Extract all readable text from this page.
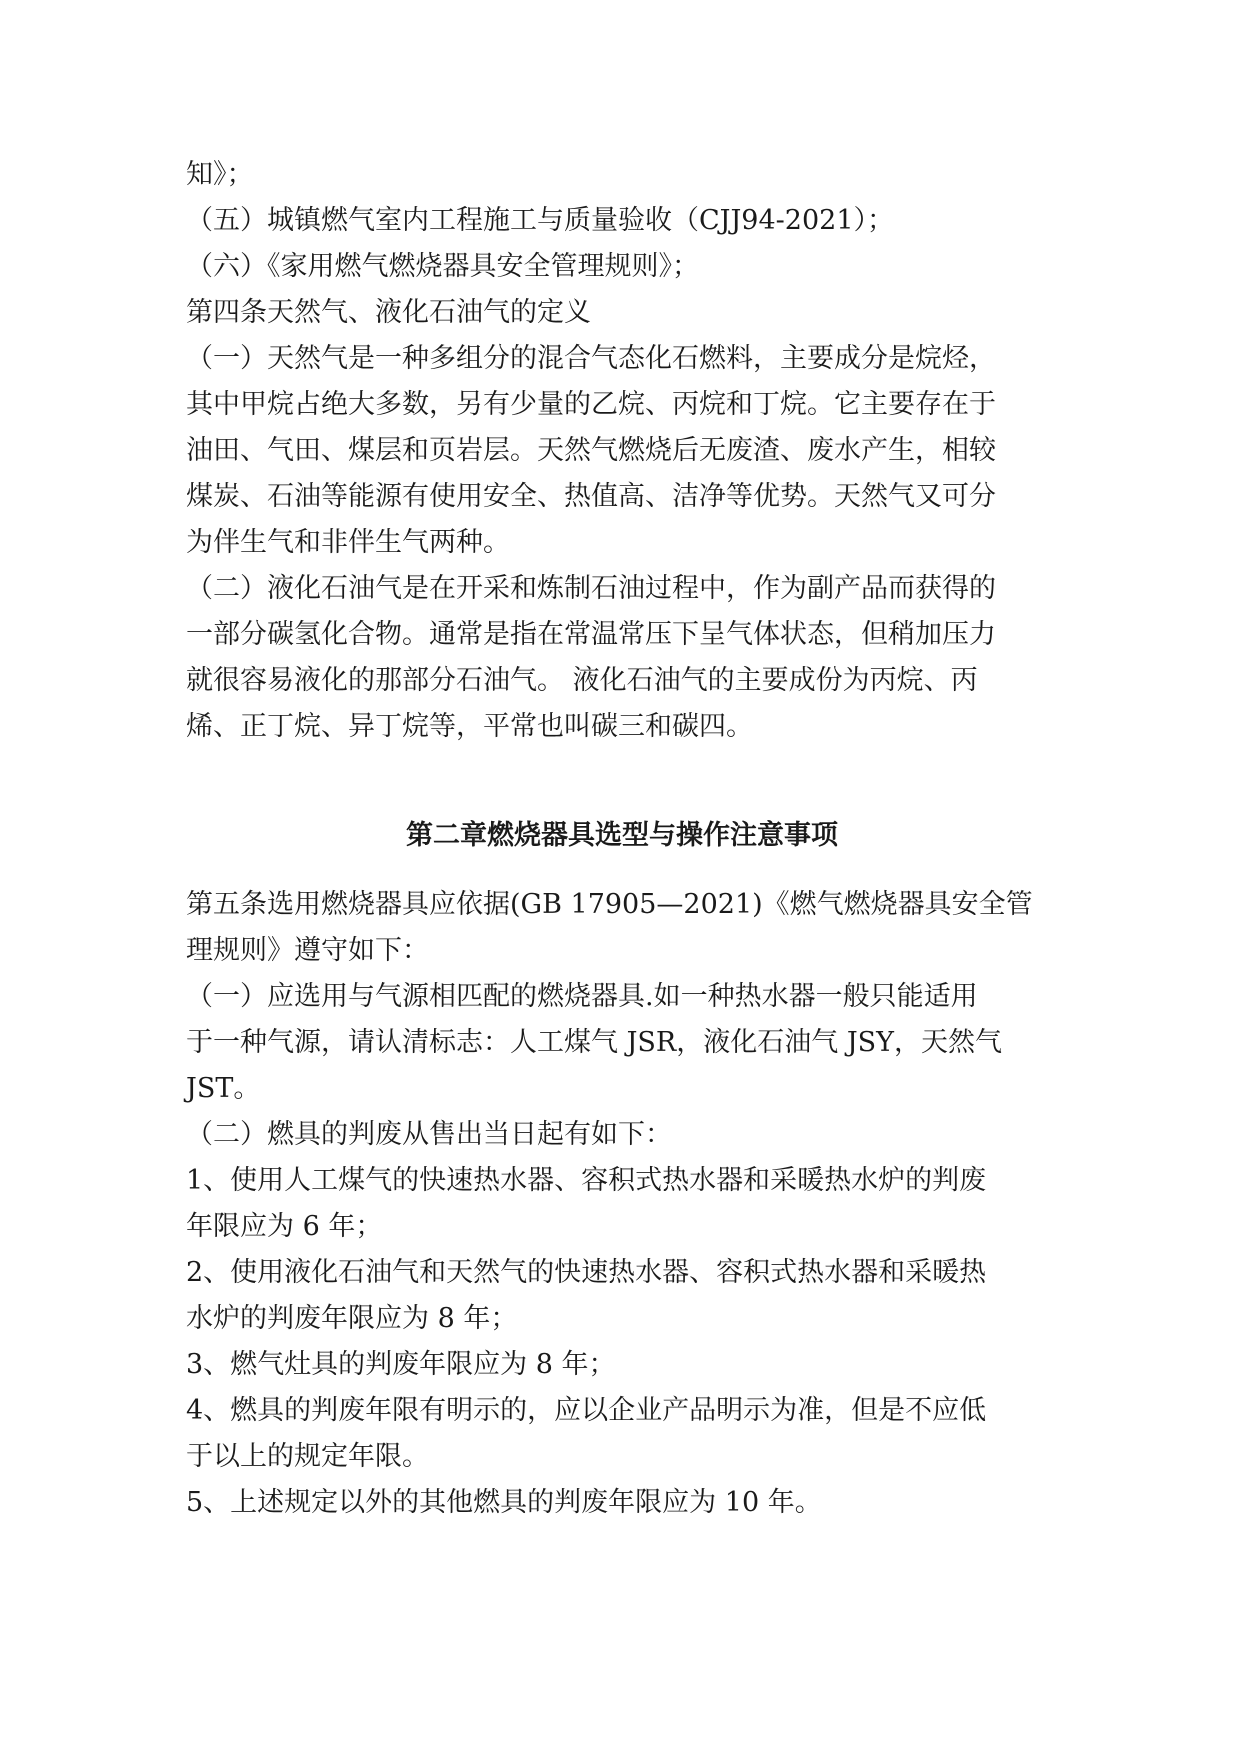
知》；
（五）城镇燃气室内工程施工与质量验收（CJJ94-2021）；
（六）《家用燃气燃烧器具安全管理规则》；
第四条天然气、液化石油气的定义
（一）天然气是一种多组分的混合气态化石燃料，主要成分是烷烃，
其中甲烷占绝大多数，另有少量的乙烷、丙烷和丁烷。它主要存在于
油田、气田、煤层和页岩层。天然气燃烧后无废渣、废水产生，相较
煤炭、石油等能源有使用安全、热值高、洁净等优势。天然气又可分
为伴生气和非伴生气两种。
（二）液化石油气是在开采和炼制石油过程中，作为副产品而获得的
一部分碳氢化合物。通常是指在常温常压下呈气体状态，但稍加压力
就很容易液化的那部分石油气。 液化石油气的主要成份为丙烷、丙
烯、正丁烷、异丁烷等，平常也叫碳三和碳四。
第二章燃烧器具选型与操作注意事项
第五条选用燃烧器具应依据(GB 17905—2021)《燃气燃烧器具安全管
理规则》遵守如下：
（一）应选用与气源相匹配的燃烧器具.如一种热水器一般只能适用
于一种气源，请认清标志：人工煤气 JSR，液化石油气 JSY，天然气
JST。
（二）燃具的判废从售出当日起有如下：
1、使用人工煤气的快速热水器、容积式热水器和采暖热水炉的判废
年限应为 6 年；
2、使用液化石油气和天然气的快速热水器、容积式热水器和采暖热
水炉的判废年限应为 8 年；
3、燃气灶具的判废年限应为 8 年；
4、燃具的判废年限有明示的，应以企业产品明示为准，但是不应低
于以上的规定年限。
5、上述规定以外的其他燃具的判废年限应为 10 年。
